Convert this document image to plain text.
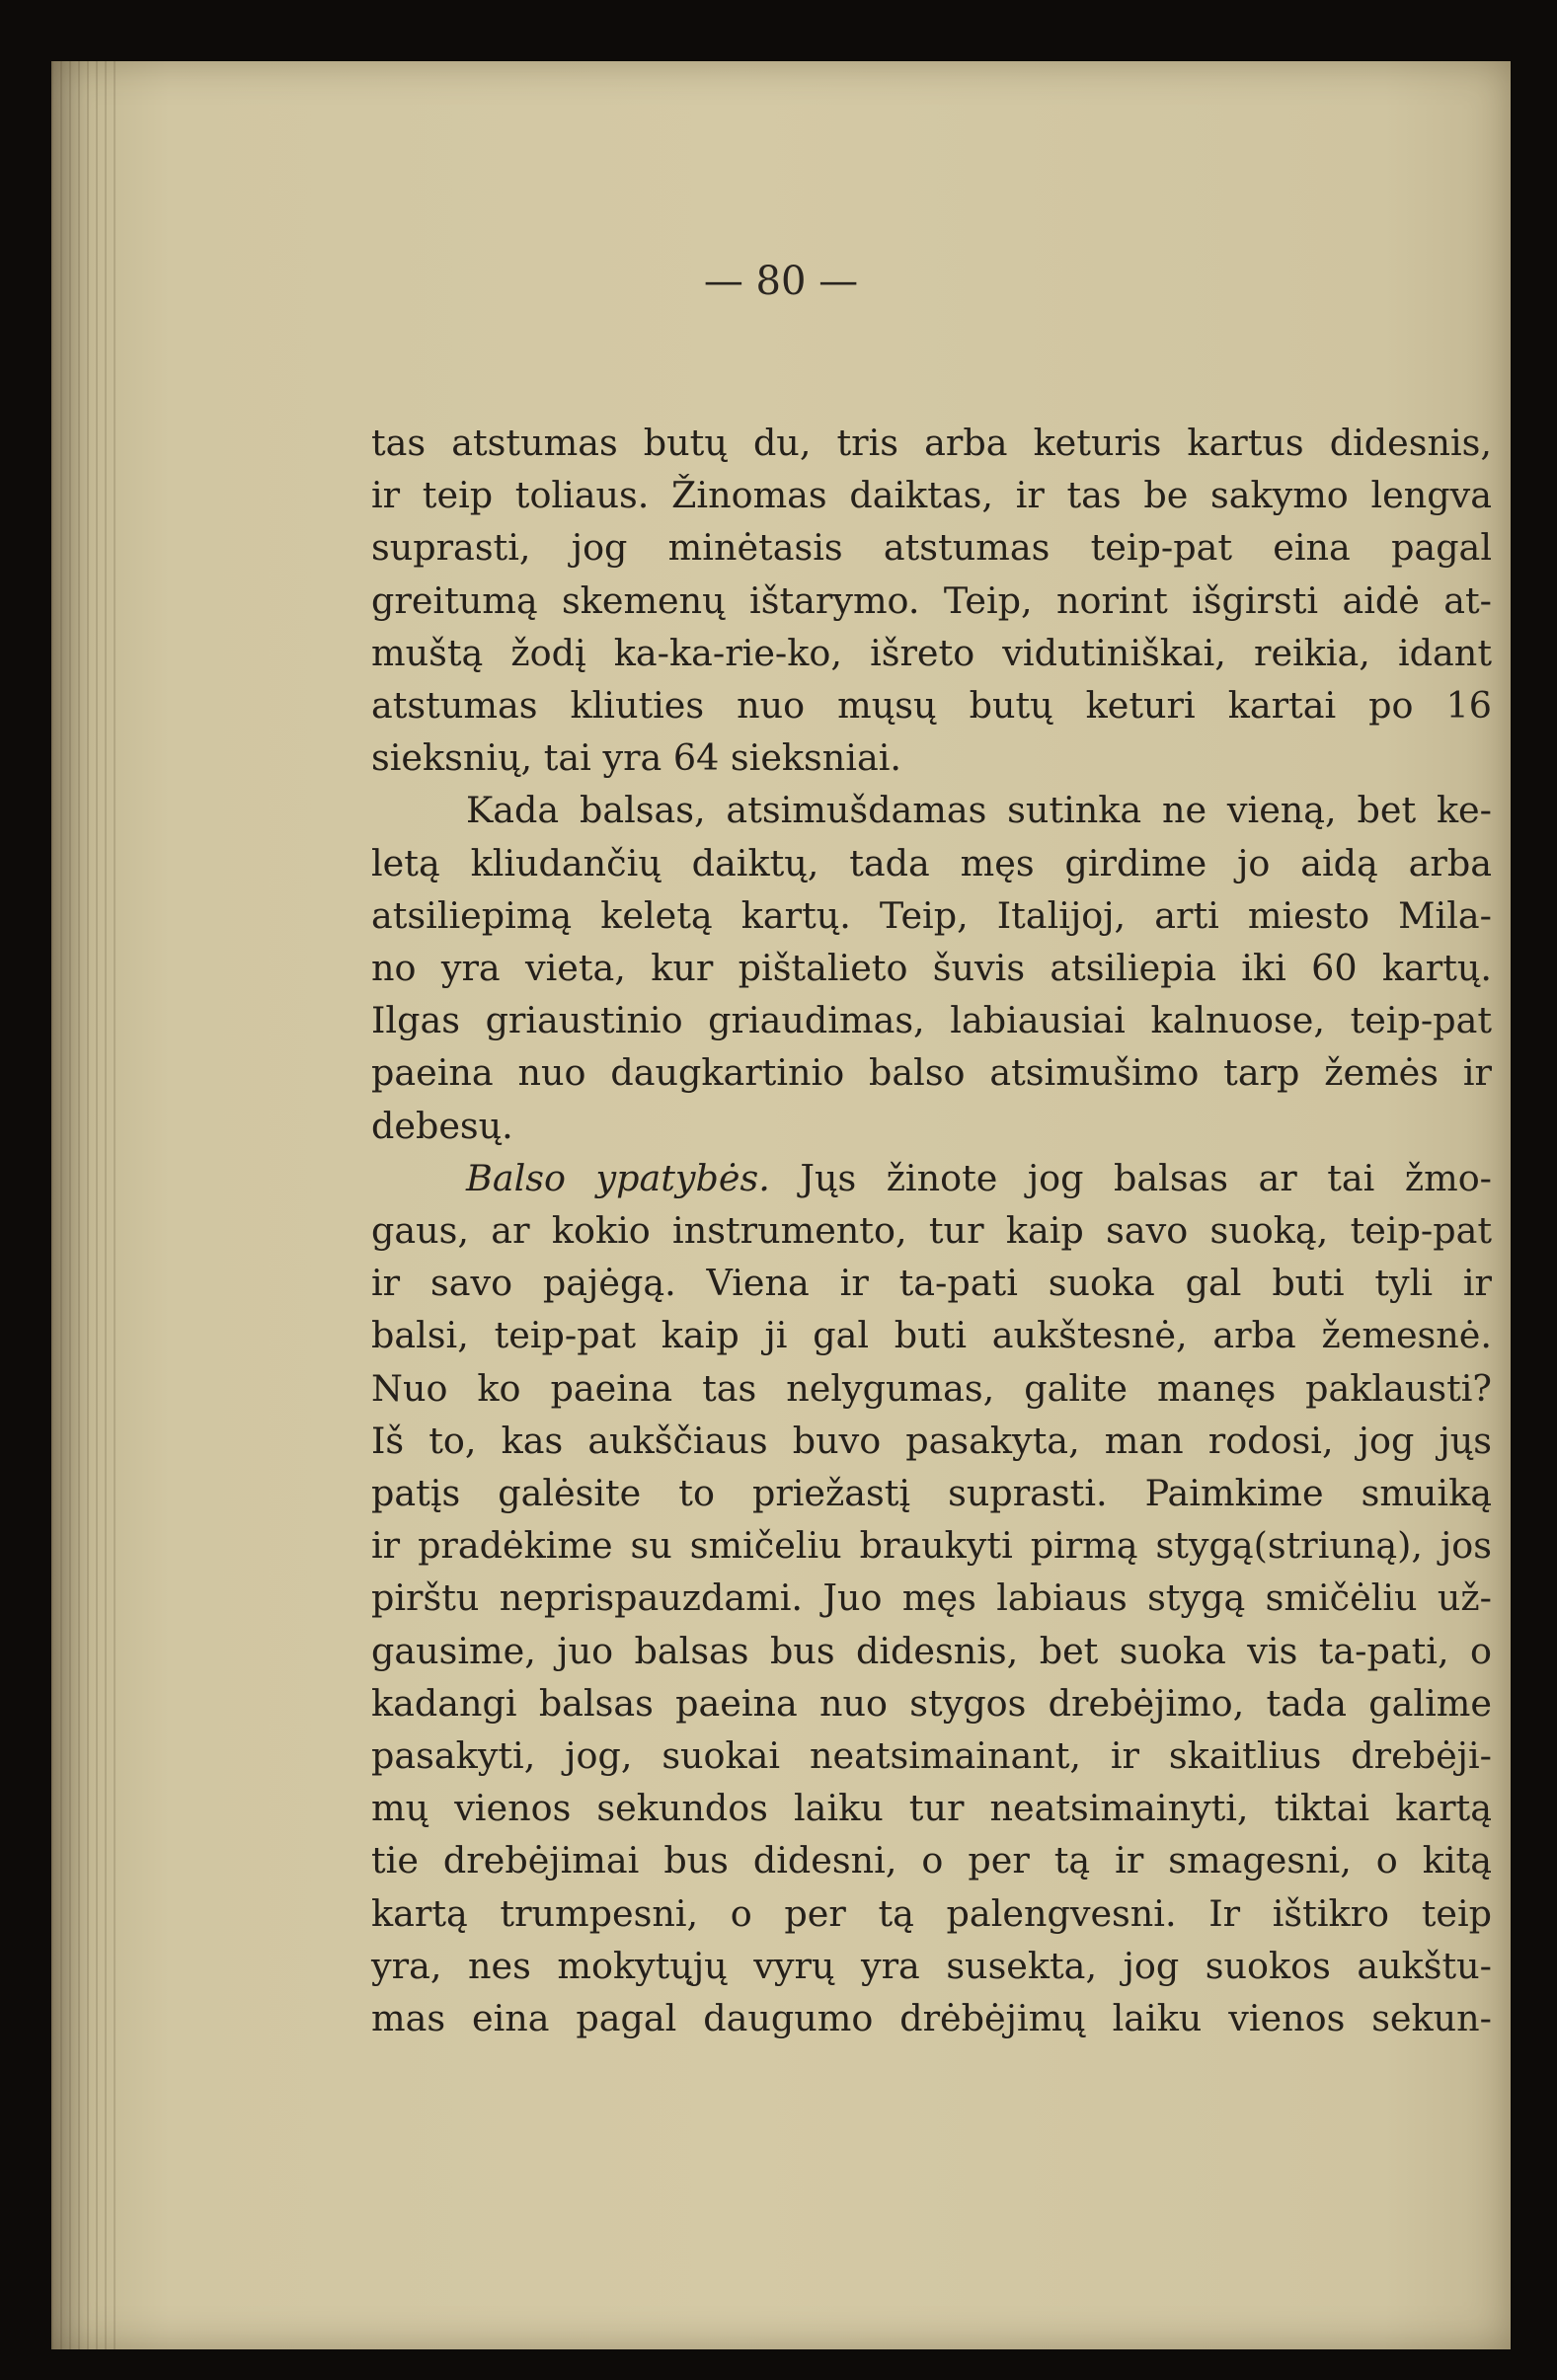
— 80 —

tas atstumas butų du, tris arba keturis kartus didesnis,
ir teip toliaus. Žinomas daiktas, ir tas be sakymo lengva
suprasti, jog minėtasis atstumas teip-pat eina pagal
greitumą skemenų ištarymo. Teip, norint išgirsti aidė at-
muštą žodį ka-ka-rie-ko, išreto vidutiniškai, reikia, idant
atstumas kliuties nuo mųsų butų keturi kartai po 16
sieksnių, tai yra 64 sieksniai.

Kada balsas, atsimušdamas sutinka ne vieną, bet ke-
letą kliudančių daiktų, tada męs girdime jo aidą arba
atsiliepimą keletą kartų. Teip, Italijoj, arti miesto Mila-
no yra vieta, kur pištalieto šuvis atsiliepia iki 60 kartų.
Ilgas griaustinio griaudimas, labiausiai kalnuose, teip-pat
paeina nuo daugkartinio balso atsimušimo tarp žemės ir
debesų.

Balso ypatybės. Jųs žinote jog balsas ar tai žmo-
gaus, ar kokio instrumento, tur kaip savo suoką, teip-pat
ir savo pajėgą. Viena ir ta-pati suoka gal buti tyli ir
balsi, teip-pat kaip ji gal buti aukštesnė, arba žemesnė.
Nuo ko paeina tas nelygumas, galite manęs paklausti?
Iš to, kas aukščiaus buvo pasakyta, man rodosi, jog jųs
patįs galėsite to priežastį suprasti. Paimkime smuiką
ir pradėkime su smičeliu braukyti pirmą stygą(striuną), jos
pirštu neprispauzdami. Juo męs labiaus stygą smičėliu už-
gausime, juo balsas bus didesnis, bet suoka vis ta-pati, o
kadangi balsas paeina nuo stygos drebėjimo, tada galime
pasakyti, jog, suokai neatsimainant, ir skaitlius drebėji-
mų vienos sekundos laiku tur neatsimainyti, tiktai kartą
tie drebėjimai bus didesni, o per tą ir smagesni, o kitą
kartą trumpesni, o per tą palengvesni. Ir ištikro teip
yra, nes mokytųjų vyrų yra susekta, jog suokos aukštu-
mas eina pagal daugumo drėbėjimų laiku vienos sekun-
